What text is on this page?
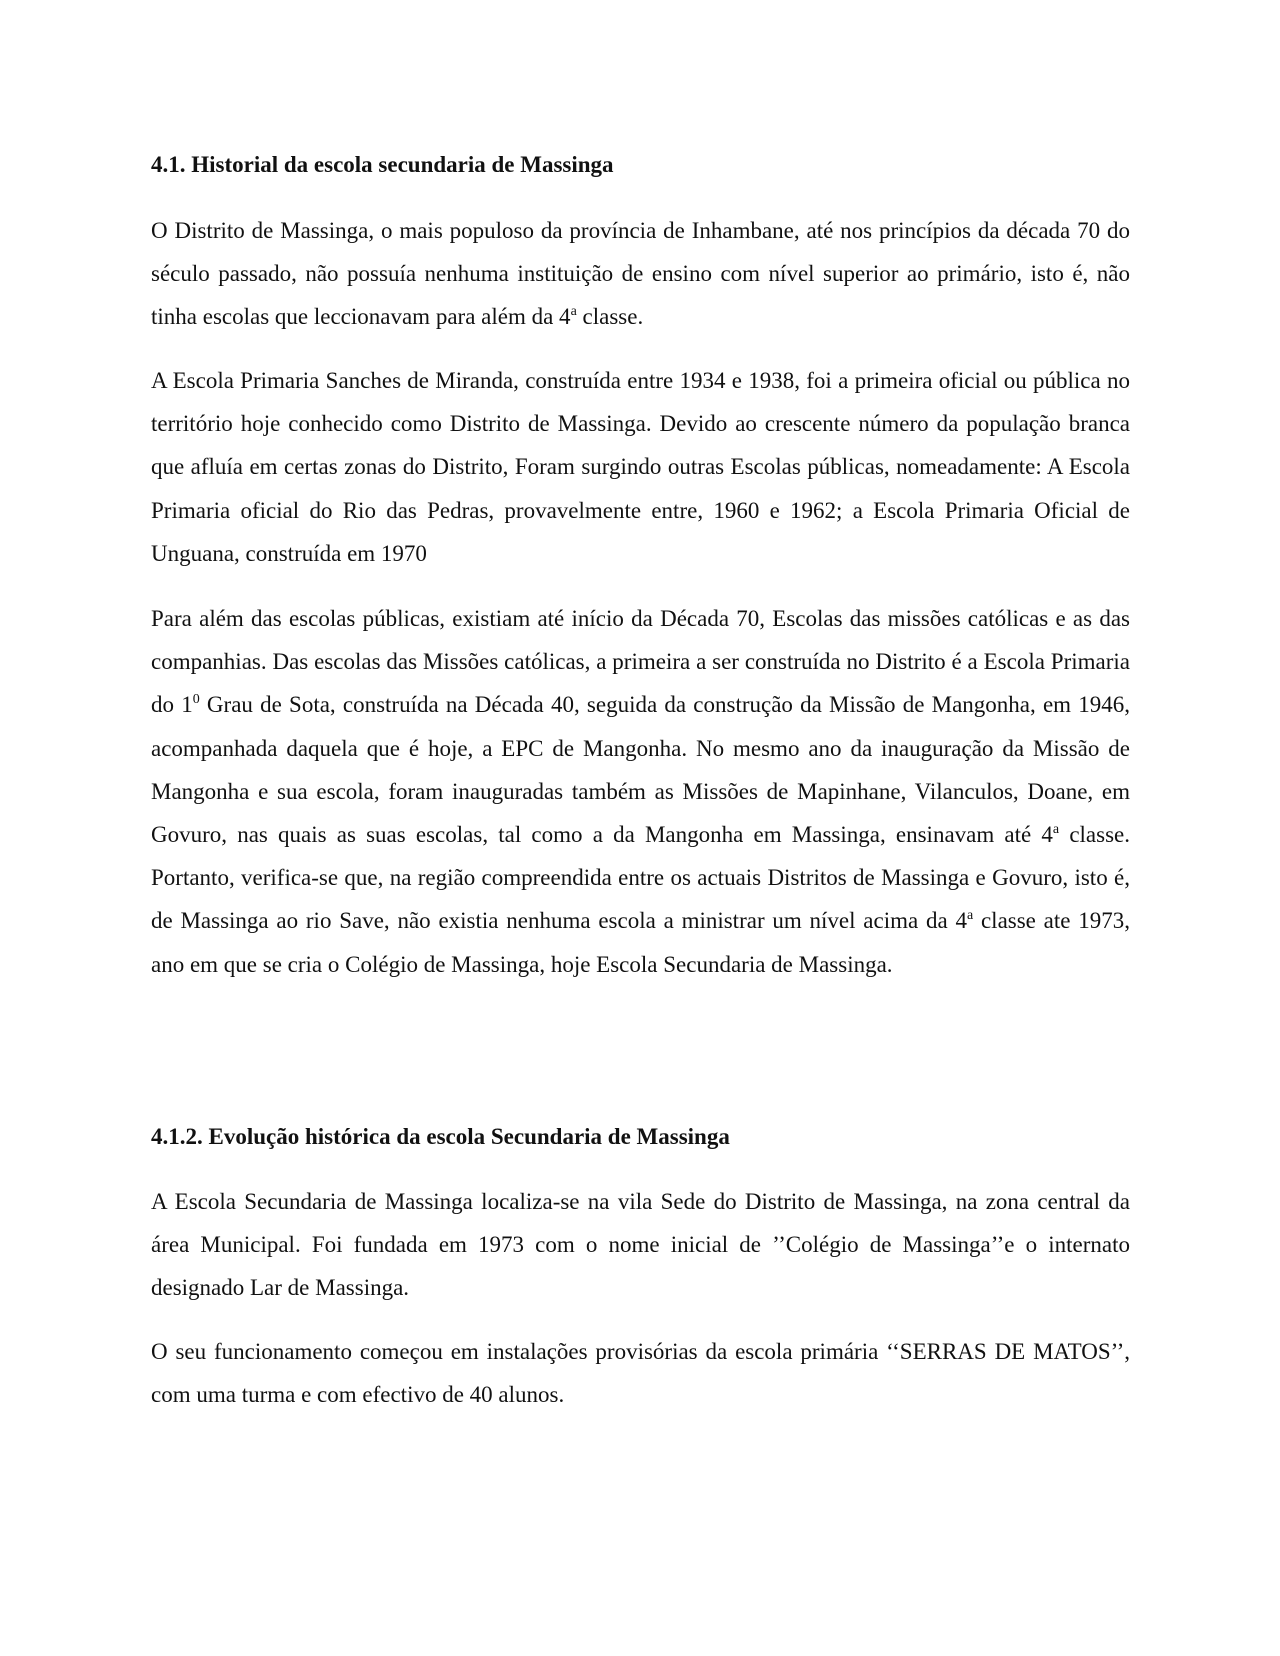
4.1. Historial da escola secundaria de Massinga

O Distrito de Massinga, o mais populoso da província de Inhambane, até nos princípios da década 70 do século passado, não possuía nenhuma instituição de ensino com nível superior ao primário, isto é, não tinha escolas que leccionavam para além da 4$^a$ classe.

A Escola Primaria Sanches de Miranda, construída entre 1934 e 1938, foi a primeira oficial ou pública no território hoje conhecido como Distrito de Massinga. Devido ao crescente número da população branca que afluía em certas zonas do Distrito, Foram surgindo outras Escolas públicas, nomeadamente: A Escola Primaria oficial do Rio das Pedras, provavelmente entre, 1960 e 1962; a Escola Primaria Oficial de Unguana, construída em 1970

Para além das escolas públicas, existiam até início da Década 70, Escolas das missões católicas e as das companhias. Das escolas das Missões católicas, a primeira a ser construída no Distrito é a Escola Primaria do $1^0$ Grau de Sota, construída na Década 40, seguida da construção da Missão de Mangonha, em 1946, acompanhada daquela que é hoje, a EPC de Mangonha. No mesmo ano da inauguração da Missão de Mangonha e sua escola, foram inauguradas também as Missões de Mapinhane, Vilanculos, Doane, em Govuro, nas quais as suas escolas, tal como a da Mangonha em Massinga, ensinavam até 4$^a$ classe. Portanto, verifica-se que, na região compreendida entre os actuais Distritos de Massinga e Govuro, isto é, de Massinga ao rio Save, não existia nenhuma escola a ministrar um nível acima da 4$^a$ classe ate 1973, ano em que se cria o Colégio de Massinga, hoje Escola Secundaria de Massinga.

4.1.2. Evolução histórica da escola Secundaria de Massinga

A Escola Secundaria de Massinga localiza-se na vila Sede do Distrito de Massinga, na zona central da área Municipal. Foi fundada em 1973 com o nome inicial de ’’Colégio de Massinga’’e o internato designado Lar de Massinga.

O seu funcionamento começou em instalações provisórias da escola primária ‘‘SERRAS DE MATOS’’, com uma turma e com efectivo de 40 alunos.
